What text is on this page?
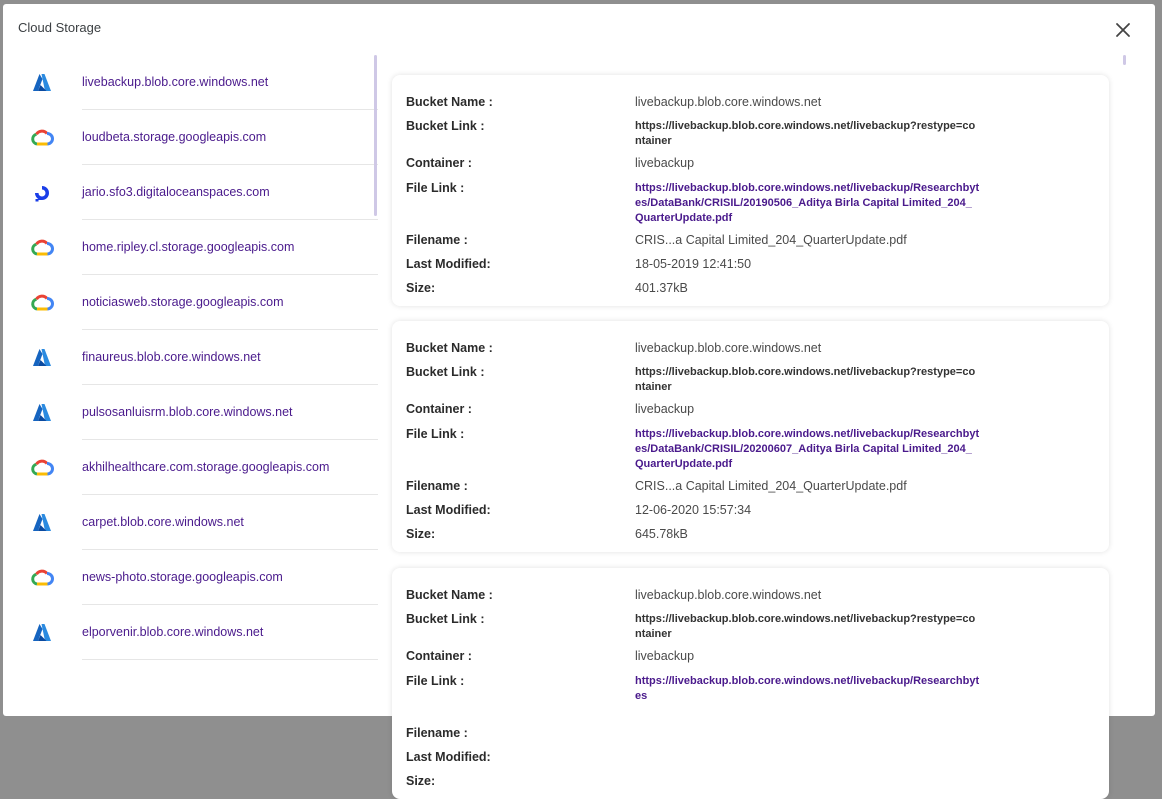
Cloud Storage
livebackup.blob.core.windows.net
loudbeta.storage.googleapis.com
jario.sfo3.digitaloceanspaces.com
home.ripley.cl.storage.googleapis.com
noticiasweb.storage.googleapis.com
finaureus.blob.core.windows.net
pulsosanluisrm.blob.core.windows.net
akhilhealthcare.com.storage.googleapis.com
carpet.blob.core.windows.net
news-photo.storage.googleapis.com
elporvenir.blob.core.windows.net
Bucket Name :	livebackup.blob.core.windows.net
Bucket Link :	https://livebackup.blob.core.windows.net/livebackup?restype=container
Container :	livebackup
File Link :	https://livebackup.blob.core.windows.net/livebackup/Researchbytes/DataBank/CRISIL/20190506_Aditya Birla Capital Limited_204_QuarterUpdate.pdf
Filename :	CRIS...a Capital Limited_204_QuarterUpdate.pdf
Last Modified:	18-05-2019 12:41:50
Size:	401.37kB
Bucket Name :	livebackup.blob.core.windows.net
Bucket Link :	https://livebackup.blob.core.windows.net/livebackup?restype=container
Container :	livebackup
File Link :	https://livebackup.blob.core.windows.net/livebackup/Researchbytes/DataBank/CRISIL/20200607_Aditya Birla Capital Limited_204_QuarterUpdate.pdf
Filename :	CRIS...a Capital Limited_204_QuarterUpdate.pdf
Last Modified:	12-06-2020 15:57:34
Size:	645.78kB
Bucket Name :	livebackup.blob.core.windows.net
Bucket Link :	https://livebackup.blob.core.windows.net/livebackup?restype=container
Container :	livebackup
File Link :	https://livebackup.blob.core.windows.net/livebackup/Researchbytes
Filename :
Last Modified:
Size:
